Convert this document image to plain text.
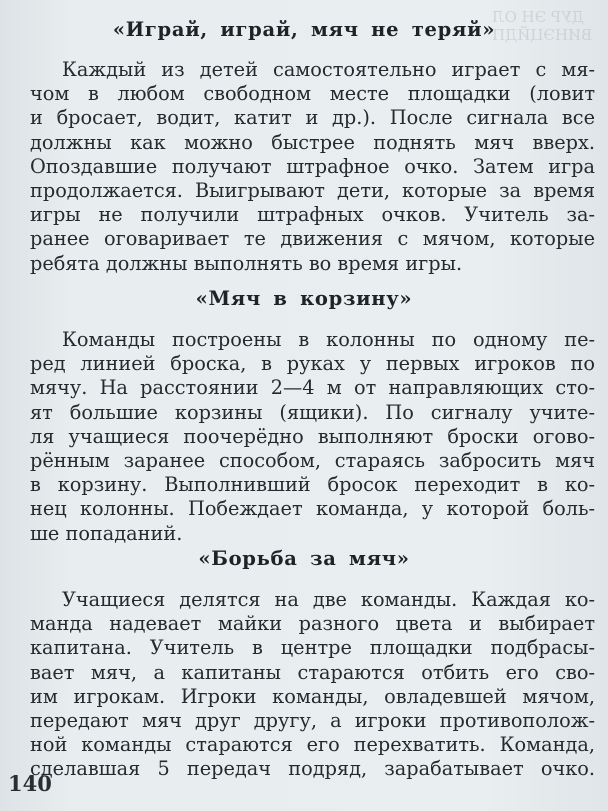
ДУР ЭН ОЛ
ВИНЭЦЙДП
«Играй, играй, мяч не теряй»
Каждый из детей самостоятельно играет с мя-
чом в любом свободном месте площадки (ловит
и бросает, водит, катит и др.). После сигнала все
должны как можно быстрее поднять мяч вверх.
Опоздавшие получают штрафное очко. Затем игра
продолжается. Выигрывают дети, которые за время
игры не получили штрафных очков. Учитель за-
ранее оговаривает те движения с мячом, которые
ребята должны выполнять во время игры.
«Мяч в корзину»
Команды построены в колонны по одному пе-
ред линией броска, в руках у первых игроков по
мячу. На расстоянии 2—4 м от направляющих сто-
ят большие корзины (ящики). По сигналу учите-
ля учащиеся поочерёдно выполняют броски огово-
рённым заранее способом, стараясь забросить мяч
в корзину. Выполнивший бросок переходит в ко-
нец колонны. Побеждает команда, у которой боль-
ше попаданий.
«Борьба за мяч»
Учащиеся делятся на две команды. Каждая ко-
манда надевает майки разного цвета и выбирает
капитана. Учитель в центре площадки подбрасы-
вает мяч, а капитаны стараются отбить его сво-
им игрокам. Игроки команды, овладевшей мячом,
передают мяч друг другу, а игроки противополож-
ной команды стараются его перехватить. Команда,
сделавшая 5 передач подряд, зарабатывает очко.
140
